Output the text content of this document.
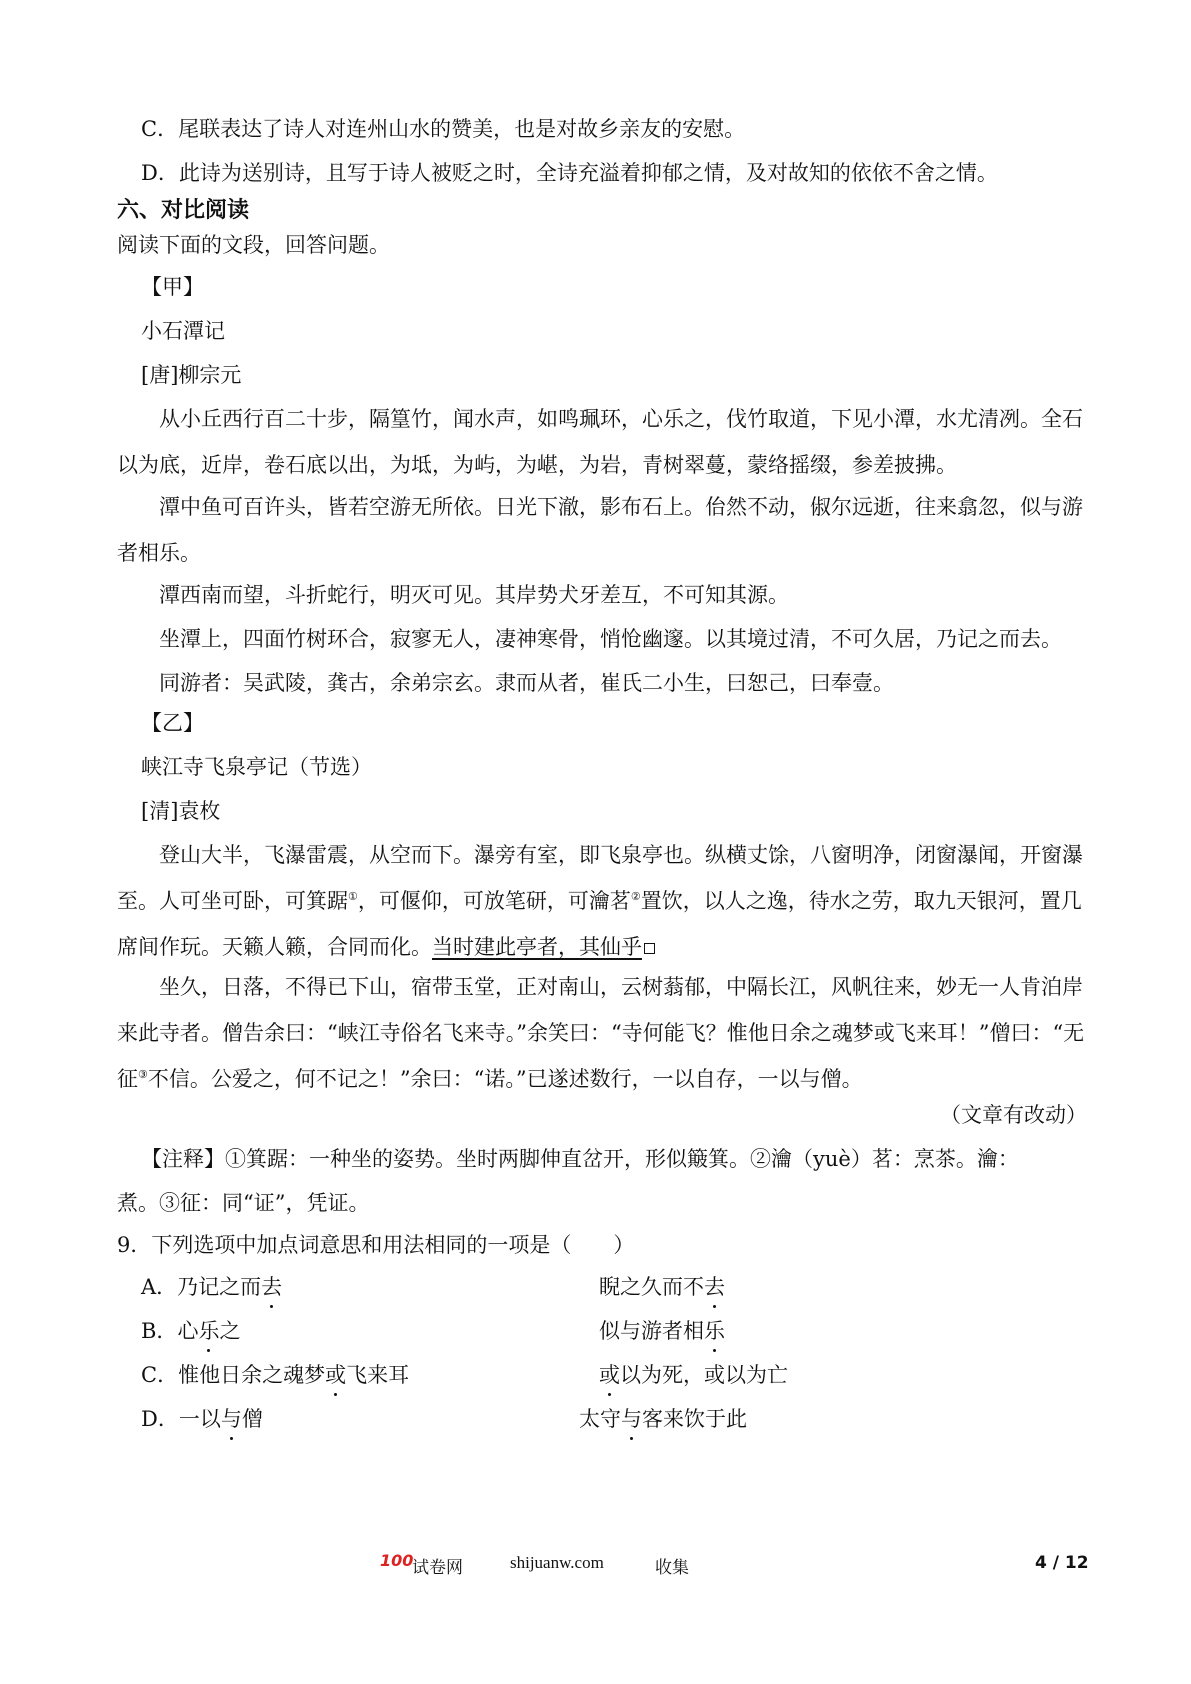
C．尾联表达了诗人对连州山水的赞美，也是对故乡亲友的安慰。
D．此诗为送别诗，且写于诗人被贬之时，全诗充溢着抑郁之情，及对故知的依依不舍之情。
六、对比阅读
阅读下面的文段，回答问题。
【甲】
小石潭记
[唐]柳宗元
从小丘西行百二十步，隔篁竹，闻水声，如鸣珮环，心乐之，伐竹取道，下见小潭，水尤清冽。全石以为底，近岸，卷石底以出，为坻，为屿，为嵁，为岩，青树翠蔓，蒙络摇缀，参差披拂。
潭中鱼可百许头，皆若空游无所依。日光下澈，影布石上。佁然不动，俶尔远逝，往来翕忽，似与游者相乐。
潭西南而望，斗折蛇行，明灭可见。其岸势犬牙差互，不可知其源。
坐潭上，四面竹树环合，寂寥无人，凄神寒骨，悄怆幽邃。以其境过清，不可久居，乃记之而去。
同游者：吴武陵，龚古，余弟宗玄。隶而从者，崔氏二小生，曰恕己，曰奉壹。
【乙】
峡江寺飞泉亭记（节选）
[清]袁枚
登山大半，飞瀑雷震，从空而下。瀑旁有室，即飞泉亭也。纵横丈馀，八窗明净，闭窗瀑闻，开窗瀑至。人可坐可卧，可箕踞①，可偃仰，可放笔研，可瀹茗②置饮，以人之逸，待水之劳，取九天银河，置几席间作玩。天籁人籁，合同而化。当时建此亭者，其仙乎
坐久，日落，不得已下山，宿带玉堂，正对南山，云树蓊郁，中隔长江，风帆往来，妙无一人肯泊岸来此寺者。僧告余曰：“峡江寺俗名飞来寺。”余笑曰：“寺何能飞？惟他日余之魂梦或飞来耳！”僧曰：“无征③不信。公爱之，何不记之！”余曰：“诺。”已遂述数行，一以自存，一以与僧。
（文章有改动）
【注释】①箕踞：一种坐的姿势。坐时两脚伸直岔开，形似簸箕。②瀹（yuè）茗：烹茶。瀹：
煮。③征：同“证”，凭证。
9．下列选项中加点词意思和用法相同的一项是（　　）
A．乃记之而去	睨之久而不去
B．心乐之	似与游者相乐
C．惟他日余之魂梦或飞来耳	或以为死，或以为亡
D．一以与僧	太守与客来饮于此
100
试卷网	shijuanw.com	收集	4 / 12
